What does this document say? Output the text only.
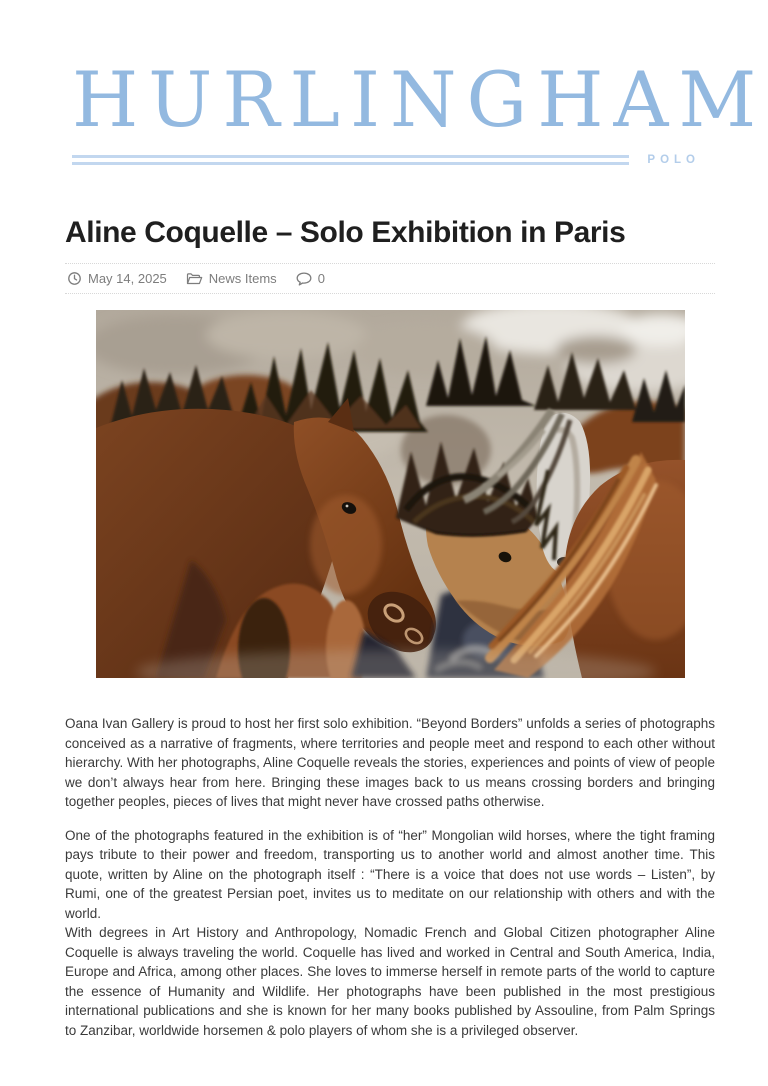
HURLINGHAM
POLO
Aline Coquelle – Solo Exhibition in Paris
May 14, 2025	News Items	0

Oana Ivan Gallery is proud to host her first solo exhibition. “Beyond Borders” unfolds a series of photographs conceived as a narrative of fragments, where territories and people meet and respond to each other without hierarchy. With her photographs, Aline Coquelle reveals the stories, experiences and points of view of people we don’t always hear from here. Bringing these images back to us means crossing borders and bringing together peoples, pieces of lives that might never have crossed paths otherwise.

One of the photographs featured in the exhibition is of “her” Mongolian wild horses, where the tight framing pays tribute to their power and freedom, transporting us to another world and almost another time. This quote, written by Aline on the photograph itself : “There is a voice that does not use words – Listen”, by Rumi, one of the greatest Persian poet, invites us to meditate on our relationship with others and with the world.

With degrees in Art History and Anthropology, Nomadic French and Global Citizen photographer Aline Coquelle is always traveling the world. Coquelle has lived and worked in Central and South America, India, Europe and Africa, among other places. She loves to immerse herself in remote parts of the world to capture the essence of Humanity and Wildlife. Her photographs have been published in the most prestigious international publications and she is known for her many books published by Assouline, from Palm Springs to Zanzibar, worldwide horsemen & polo players of whom she is a privileged observer.
